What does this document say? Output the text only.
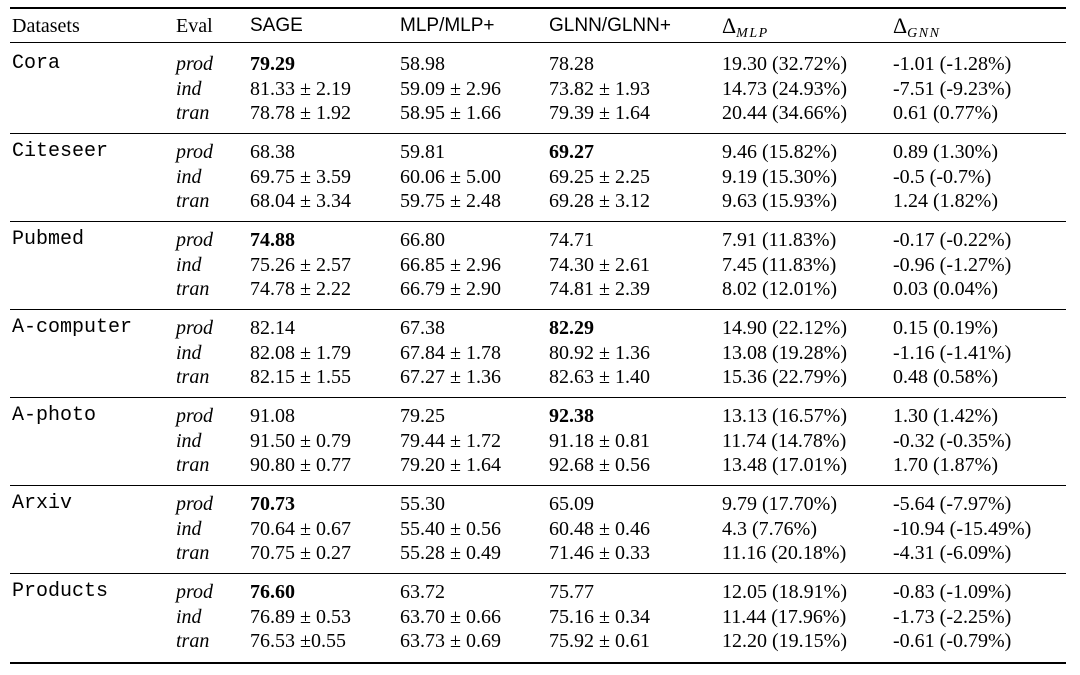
Datasets	Eval SAGE	MLP/MLP+	GLNN/GLNN+ $\Delta_{MLP}$	$\Delta_{GNN}$
Cora	prod 79.29	58.98	78.28	19.30 (32.72%) -1.01 (-1.28%)
ind 81.33 ± 2.19 59.09 ± 2.96 73.82 ± 1.93	14.73 (24.93%) -7.51 (-9.23%)
tran 78.78 ± 1.92 58.95 ± 1.66 79.39 ± 1.64	20.44 (34.66%) 0.61 (0.77%)
Citeseer	prod 68.38	59.81	69.27	9.46 (15.82%)	0.89 (1.30%)
ind 69.75 ± 3.59 60.06 ± 5.00 69.25 ± 2.25	9.19 (15.30%)	-0.5 (-0.7%)
tran 68.04 ± 3.34 59.75 ± 2.48 69.28 ± 3.12	9.63 (15.93%)	1.24 (1.82%)
Pubmed	prod 74.88	66.80	74.71	7.91 (11.83%)	-0.17 (-0.22%)
ind 75.26 ± 2.57 66.85 ± 2.96 74.30 ± 2.61	7.45 (11.83%)	-0.96 (-1.27%)
tran 74.78 ± 2.22 66.79 ± 2.90 74.81 ± 2.39	8.02 (12.01%)	0.03 (0.04%)
A-computer prod 82.14	67.38	82.29	14.90 (22.12%) 0.15 (0.19%)
ind 82.08 ± 1.79 67.84 ± 1.78 80.92 ± 1.36	13.08 (19.28%) -1.16 (-1.41%)
tran 82.15 ± 1.55 67.27 ± 1.36 82.63 ± 1.40	15.36 (22.79%) 0.48 (0.58%)
A-photo	prod 91.08	79.25	92.38	13.13 (16.57%) 1.30 (1.42%)
ind 91.50 ± 0.79 79.44 ± 1.72 91.18 ± 0.81	11.74 (14.78%) -0.32 (-0.35%)
tran 90.80 ± 0.77 79.20 ± 1.64 92.68 ± 0.56	13.48 (17.01%) 1.70 (1.87%)
Arxiv	prod 70.73	55.30	65.09	9.79 (17.70%)	-5.64 (-7.97%)
ind 70.64 ± 0.67 55.40 ± 0.56 60.48 ± 0.46	4.3 (7.76%)	-10.94 (-15.49%)
tran 70.75 ± 0.27 55.28 ± 0.49 71.46 ± 0.33	11.16 (20.18%) -4.31 (-6.09%)
Products	prod 76.60	63.72	75.77	12.05 (18.91%) -0.83 (-1.09%)
ind 76.89 ± 0.53 63.70 ± 0.66 75.16 ± 0.34	11.44 (17.96%) -1.73 (-2.25%)
tran 76.53 ±0.55	63.73 ± 0.69 75.92 ± 0.61	12.20 (19.15%) -0.61 (-0.79%)
